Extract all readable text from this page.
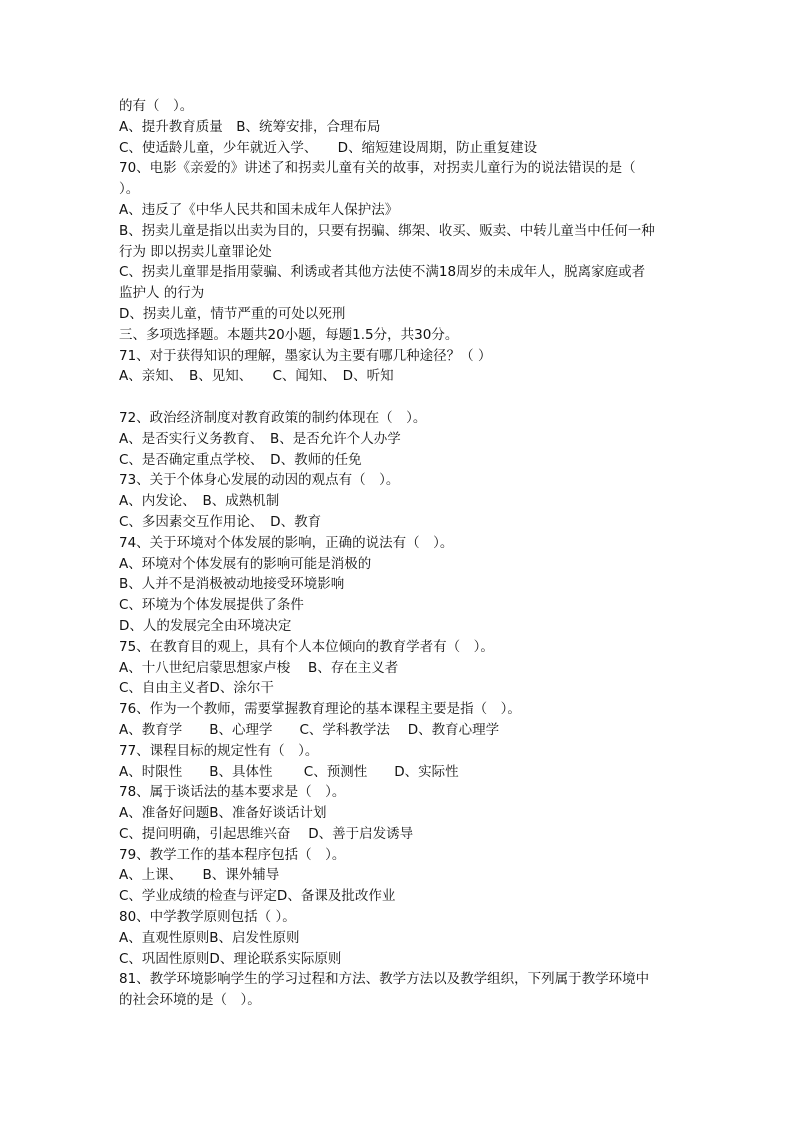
的有（　）。
A、提升教育质量　B、统筹安排，合理布局
C、使适龄儿童，少年就近入学、　　D、缩短建设周期，防止重复建设
70、电影《亲爱的》讲述了和拐卖儿童有关的故事，对拐卖儿童行为的说法错误的是（
）。
A、违反了《中华人民共和国未成年人保护法》
B、拐卖儿童是指以出卖为目的，只要有拐骗、绑架、收买、贩卖、中转儿童当中任何一种
行为 即以拐卖儿童罪论处
C、拐卖儿童罪是指用蒙骗、利诱或者其他方法使不满18周岁的未成年人，脱离家庭或者
监护人 的行为
D、拐卖儿童，情节严重的可处以死刑
三、多项选择题。本题共20小题，每题1.5分，共30分。
71、对于获得知识的理解，墨家认为主要有哪几种途径？（ ）
A、亲知、　B、见知、　　C、闻知、　D、听知
72、政治经济制度对教育政策的制约体现在（　）。
A、是否实行义务教育、　B、是否允许个人办学
C、是否确定重点学校、　D、教师的任免
73、关于个体身心发展的动因的观点有（　）。
A、内发论、　B、成熟机制
C、多因素交互作用论、　D、教育
74、关于环境对个体发展的影响，正确的说法有（　）。
A、环境对个体发展有的影响可能是消极的
B、人并不是消极被动地接受环境影响
C、环境为个体发展提供了条件
D、人的发展完全由环境决定
75、在教育目的观上，具有个人本位倾向的教育学者有（　）。
A、十八世纪启蒙思想家卢梭　 B、存在主义者
C、自由主义者D、涂尔干
76、作为一个教师，需要掌握教育理论的基本课程主要是指（　）。
A、教育学　　B、心理学　　C、学科教学法　 D、教育心理学
77、课程目标的规定性有（　）。
A、时限性　　B、具体性　　 C、预测性　　D、实际性
78、属于谈话法的基本要求是（　）。
A、准备好问题B、准备好谈话计划
C、提问明确，引起思维兴奋　 D、善于启发诱导
79、教学工作的基本程序包括（　）。
A、上课、　　B、课外辅导
C、学业成绩的检查与评定D、备课及批改作业
80、中学教学原则包括（ ）。
A、直观性原则B、启发性原则
C、巩固性原则D、理论联系实际原则
81、教学环境影响学生的学习过程和方法、教学方法以及教学组织，下列属于教学环境中
的社会环境的是（　）。
